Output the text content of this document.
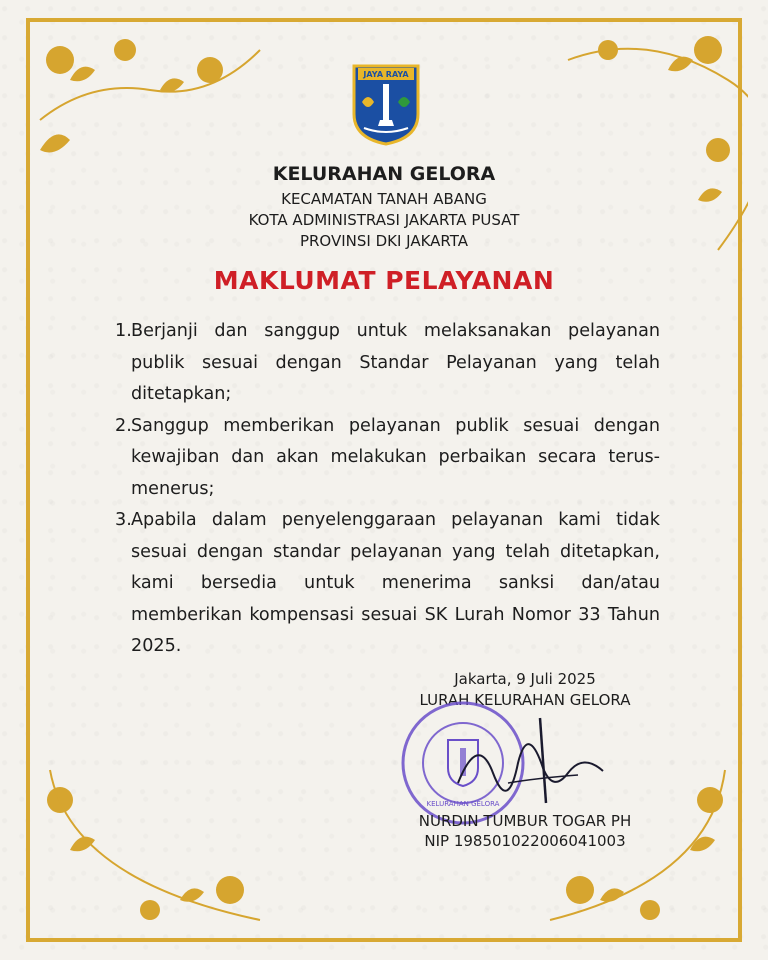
JAYA RAYA
KELURAHAN GELORA
KECAMATAN TANAH ABANG
KOTA ADMINISTRASI JAKARTA PUSAT
PROVINSI DKI JAKARTA
MAKLUMAT PELAYANAN
1. Berjanji dan sanggup untuk melaksanakan pelayanan publik sesuai dengan Standar Pelayanan yang telah ditetapkan;
2. Sanggup memberikan pelayanan publik sesuai dengan kewajiban dan akan melakukan perbaikan secara terus-menerus;
3. Apabila dalam penyelenggaraan pelayanan kami tidak sesuai dengan standar pelayanan yang telah ditetapkan, kami bersedia untuk menerima sanksi dan/atau memberikan kompensasi sesuai SK Lurah Nomor 33 Tahun 2025.
Jakarta, 9 Juli 2025
LURAH KELURAHAN GELORA
KELURAHAN GELORA
NURDIN TUMBUR TOGAR PH
NIP 198501022006041003
